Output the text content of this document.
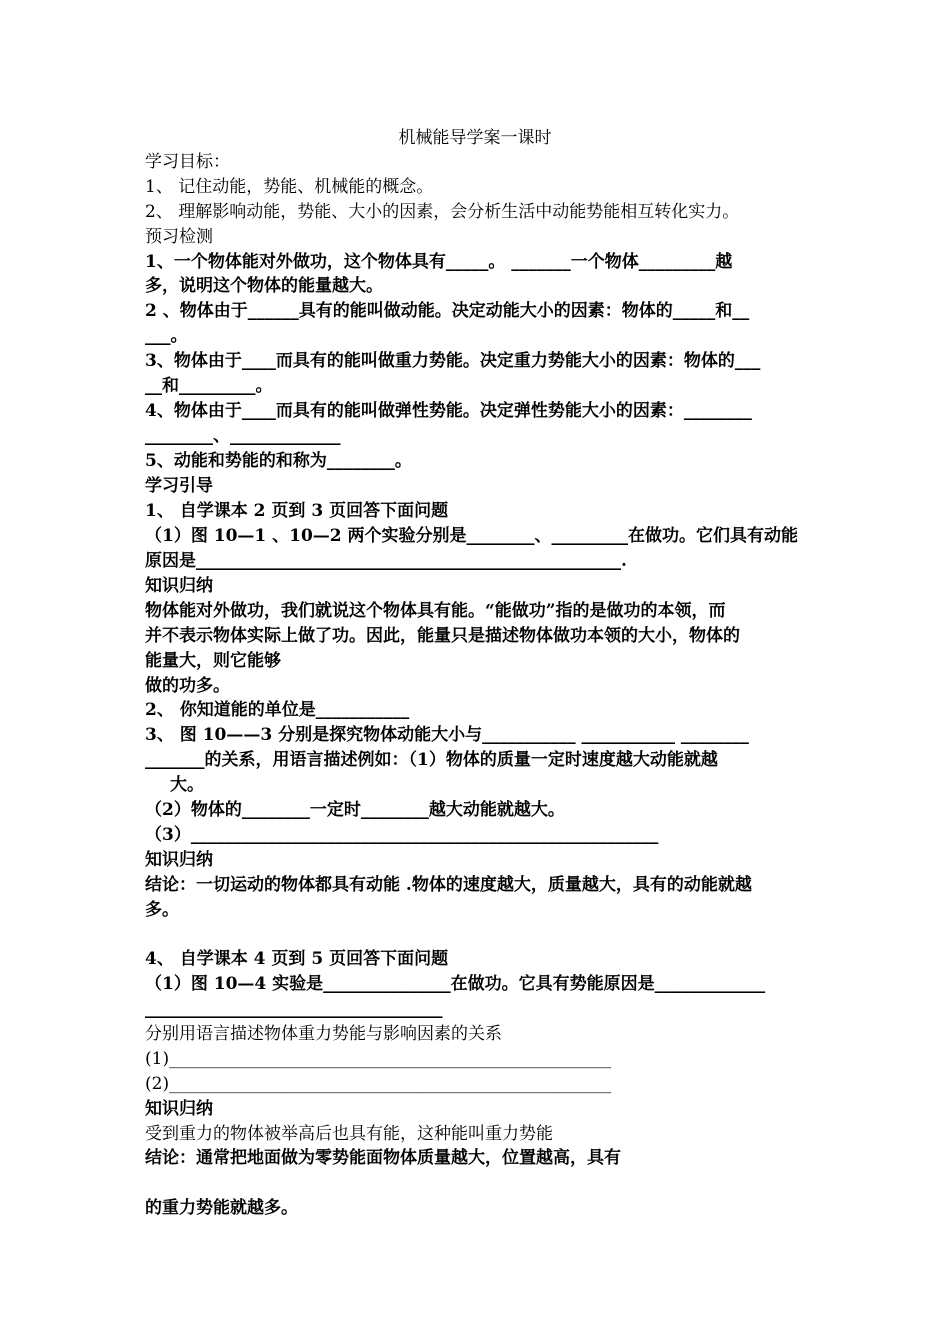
机械能导学案一课时
学习目标：
1、 记住动能，势能、机械能的概念。
2、 理解影响动能，势能、大小的因素，会分析生活中动能势能相互转化实力。
预习检测
1、一个物体能对外做功，这个物体具有_____。 _______一个物体_________越
多，说明这个物体的能量越大。
2 、物体由于______具有的能叫做动能。决定动能大小的因素：物体的_____和__
___。
3、物体由于____而具有的能叫做重力势能。决定重力势能大小的因素：物体的___
__和_________。
4、物体由于____而具有的能叫做弹性势能。决定弹性势能大小的因素：________
________、_____________
5、动能和势能的和称为________。
学习引导
1、 自学课本 2 页到 3 页回答下面问题
（1）图 10—1 、10—2 两个实验分别是________、_________在做功。它们具有动能
原因是__________________________________________________.
知识归纳
物体能对外做功，我们就说这个物体具有能。“能做功”指的是做功的本领，而
并不表示物体实际上做了功。因此，能量只是描述物体做功本领的大小，物体的
能量大，则它能够
做的功多。
2、 你知道能的单位是___________
3、 图 10——3 分别是探究物体动能大小与___________ ___________ ________
_______的关系，用语言描述例如：（1）物体的质量一定时速度越大动能就越
大。
（2）物体的________一定时________越大动能就越大。
（3）_______________________________________________________
知识归纳
结论：一切运动的物体都具有动能 .物体的速度越大，质量越大，具有的动能就越
多。
4、 自学课本 4 页到 5 页回答下面问题
（1）图 10—4 实验是_______________在做功。它具有势能原因是_____________
___________________________________
分别用语言描述物体重力势能与影响因素的关系
(1)____________________________________________________
(2)____________________________________________________
知识归纳
受到重力的物体被举高后也具有能，这种能叫重力势能
结论：通常把地面做为零势能面物体质量越大，位置越高，具有
的重力势能就越多。
